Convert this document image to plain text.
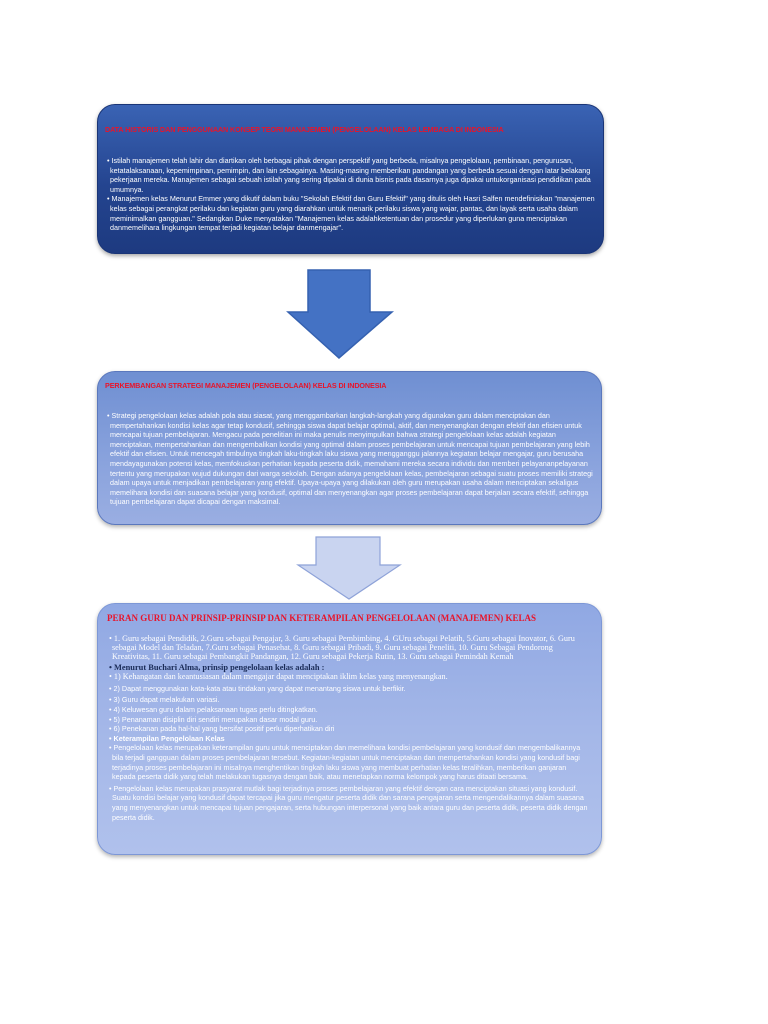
DATA HISTORIS DAN PENGGUNAAN KONSEP TEORI MANAJEMEN (PENGELOLAAN) KELAS LEMBAGA DI INDONESIA
• Istilah manajemen telah lahir dan diartikan oleh berbagai pihak dengan perspektif yang berbeda, misalnya pengelolaan, pembinaan, pengurusan, ketatalaksanaan, kepemimpinan, pemimpin, dan lain sebagainya. Masing-masing memberikan pandangan yang berbeda sesuai dengan latar belakang pekerjaan mereka. Manajemen sebagai sebuah istilah yang sering dipakai di dunia bisnis pada dasarnya juga dipakai untukorganisasi pendidikan pada umumnya.
• Manajemen kelas Menurut Emmer yang dikutif dalam buku "Sekolah Efektif dan Guru Efektif" yang ditulis oleh Hasri Salfen mendefinisikan "manajemen kelas sebagai perangkat perilaku dan kegiatan guru yang diarahkan untuk menarik perilaku siswa yang wajar, pantas, dan layak serta usaha dalam meminimalkan gangguan." Sedangkan Duke menyatakan "Manajemen kelas adalahketentuan dan prosedur yang diperlukan guna menciptakan danmemelihara lingkungan tempat terjadi kegiatan belajar danmengajar".
PERKEMBANGAN STRATEGI MANAJEMEN (PENGELOLAAN) KELAS DI INDONESIA
• Strategi pengelolaan kelas adalah pola atau siasat, yang menggambarkan langkah-langkah yang digunakan guru dalam menciptakan dan mempertahankan kondisi kelas agar tetap kondusif, sehingga siswa dapat belajar optimal, aktif, dan menyenangkan dengan efektif dan efisien untuk mencapai tujuan pembelajaran. Mengacu pada penelitian ini maka penulis menyimpulkan bahwa strategi pengelolaan kelas adalah kegiatan menciptakan, mempertahankan dan mengembalikan kondisi yang optimal dalam proses pembelajaran untuk mencapai tujuan pembelajaran yang lebih efektif dan efisien. Untuk mencegah timbulnya tingkah laku-tingkah laku siswa yang mengganggu jalannya kegiatan belajar mengajar, guru berusaha mendayagunakan potensi kelas, memfokuskan perhatian kepada peserta didik, memahami mereka secara individu dan memberi pelayananpelayanan tertentu yang merupakan wujud dukungan dari warga sekolah. Dengan adanya pengelolaan kelas, pembelajaran sebagai suatu proses memiliki strategi dalam upaya untuk menjadikan pembelajaran yang efektif. Upaya-upaya yang dilakukan oleh guru merupakan usaha dalam menciptakan sekaligus memelihara kondisi dan suasana belajar yang kondusif, optimal dan menyenangkan agar proses pembelajaran dapat berjalan secara efektif, sehingga tujuan pembelajaran dapat dicapai dengan maksimal.
PERAN GURU DAN PRINSIP-PRINSIP DAN KETERAMPILAN PENGELOLAAN (MANAJEMEN) KELAS
• 1. Guru sebagai Pendidik, 2.Guru sebagai Pengajar, 3. Guru sebagai Pembimbing, 4. GUru sebagai Pelatih, 5.Guru sebagai Inovator, 6. Guru sebagai Model dan Teladan, 7.Guru sebagai Penasehat, 8. Guru sebagai Pribadi, 9. Guru sebagai Peneliti, 10. Guru Sebagai Pendorong Kreativitas, 11. Guru sebagai Pembangkit Pandangan, 12. Guru sebagai Pekerja Rutin, 13. Guru sebagai Pemindah Kemah
• Menurut Buchari Alma, prinsip pengelolaan kelas adalah :
• 1) Kehangatan dan keantusiasan dalam mengajar dapat menciptakan iklim kelas yang menyenangkan.
• 2) Dapat menggunakan kata-kata atau tindakan yang dapat menantang siswa untuk berfikir.
• 3) Guru dapat melakukan variasi.
• 4) Keluwesan guru dalam pelaksanaan tugas perlu ditingkatkan.
• 5) Penanaman disiplin diri sendiri merupakan dasar modal guru.
• 6) Penekanan pada hal-hal yang bersifat positif perlu diperhatikan diri
• Keterampilan Pengelolaan Kelas
• Pengelolaan kelas merupakan keterampilan guru untuk menciptakan dan memelihara kondisi pembelajaran yang kondusif dan mengembalikannya bila terjadi gangguan dalam proses pembelajaran tersebut. Kegiatan-kegiatan untuk menciptakan dan mempertahankan kondisi yang kondusif bagi terjadinya proses pembelajaran ini misalnya menghentikan tingkah laku siswa yang membuat perhatian kelas teralihkan, memberikan ganjaran kepada peserta didik yang telah melakukan tugasnya dengan baik, atau menetapkan norma kelompok yang harus ditaati bersama.
• Pengelolaan kelas merupakan prasyarat mutlak bagi terjadinya proses pembelajaran yang efektif dengan cara menciptakan situasi yang kondusif. Suatu kondisi belajar yang kondusif dapat tercapai jika guru mengatur peserta didik dan sarana pengajaran serta mengendalikannya dalam suasana yang menyenangkan untuk mencapai tujuan pengajaran, serta hubungan interpersonal yang baik antara guru dan peserta didik, peserta didik dengan peserta didik.
